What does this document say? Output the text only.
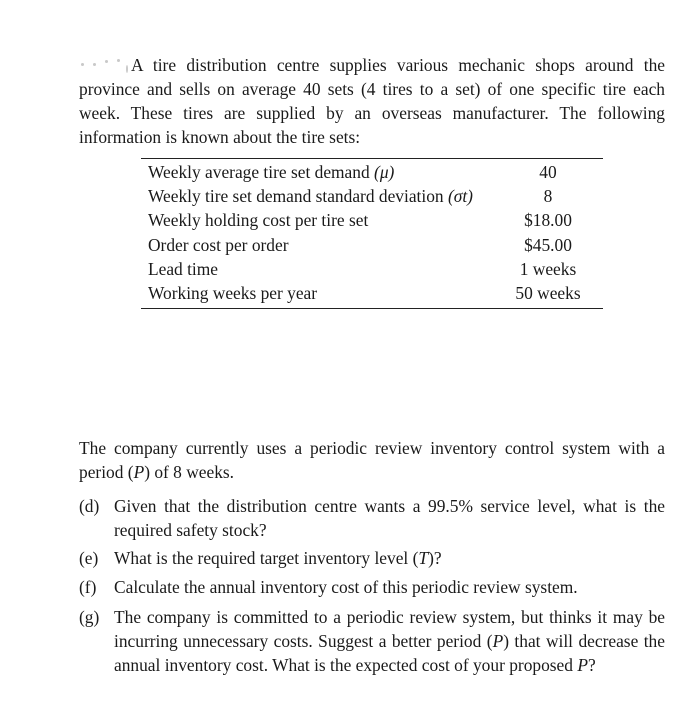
A tire distribution centre supplies various mechanic shops around the province and sells on average 40 sets (4 tires to a set) of one specific tire each week. These tires are supplied by an overseas manufacturer. The following information is known about the tire sets:

Weekly average tire set demand (μ)	40
Weekly tire set demand standard deviation (σt)	8
Weekly holding cost per tire set	$18.00
Order cost per order	$45.00
Lead time	1 weeks
Working weeks per year	50 weeks

The company currently uses a periodic review inventory control system with a period (P) of 8 weeks.

(d) Given that the distribution centre wants a 99.5% service level, what is the required safety stock?
(e) What is the required target inventory level (T)?
(f)	Calculate the annual inventory cost of this periodic review system.
(g) The company is committed to a periodic review system, but thinks it may be incurring unnecessary costs. Suggest a better period (P) that will decrease the annual inventory cost. What is the expected cost of your proposed P?
